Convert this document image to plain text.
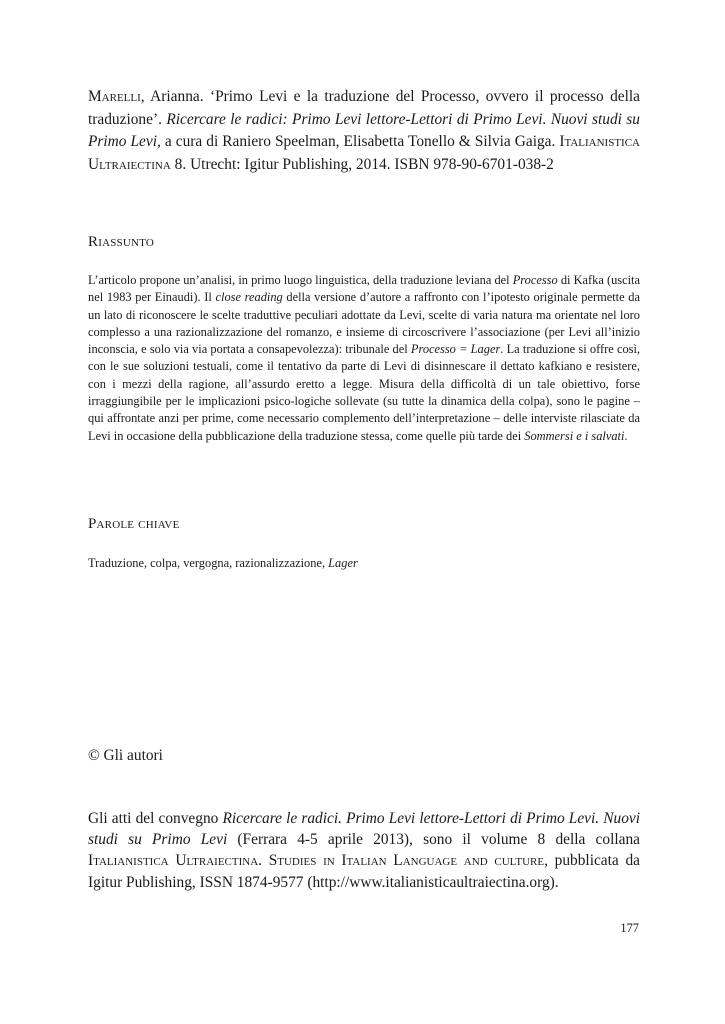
Marelli, Arianna. ‘Primo Levi e la traduzione del Processo, ovvero il processo della traduzione’. Ricercare le radici: Primo Levi lettore-Lettori di Primo Levi. Nuovi studi su Primo Levi, a cura di Raniero Speelman, Elisabetta Tonello & Silvia Gaiga. Italianistica Ultraiectina 8. Utrecht: Igitur Publishing, 2014. ISBN 978-90-6701-038-2

Riassunto

L’articolo propone un’analisi, in primo luogo linguistica, della traduzione leviana del Processo di Kafka (uscita nel 1983 per Einaudi). Il close reading della versione d’autore a raffronto con l’ipotesto originale permette da un lato di riconoscere le scelte traduttive peculiari adottate da Levi, scelte di varia natura ma orientate nel loro complesso a una razionalizzazione del romanzo, e insieme di circoscrivere l’associazione (per Levi all’inizio inconscia, e solo via via portata a consapevolezza): tribunale del Processo = Lager. La traduzione si offre così, con le sue soluzioni testuali, come il tentativo da parte di Levi di disinnescare il dettato kafkiano e resistere, con i mezzi della ragione, all’assurdo eretto a legge. Misura della difficoltà di un tale obiettivo, forse irraggiungibile per le implicazioni psico-logiche sollevate (su tutte la dinamica della colpa), sono le pagine – qui affrontate anzi per prime, come necessario complemento dell’interpretazione – delle interviste rilasciate da Levi in occasione della pubblicazione della traduzione stessa, come quelle più tarde dei Sommersi e i salvati.

Parole chiave

Traduzione, colpa, vergogna, razionalizzazione, Lager

© Gli autori

Gli atti del convegno Ricercare le radici. Primo Levi lettore-Lettori di Primo Levi. Nuovi studi su Primo Levi (Ferrara 4-5 aprile 2013), sono il volume 8 della collana Italianistica Ultraiectina. Studies in Italian Language and culture, pubblicata da Igitur Publishing, ISSN 1874-9577 (http://www.italianisticaultraiectina.org).

177
